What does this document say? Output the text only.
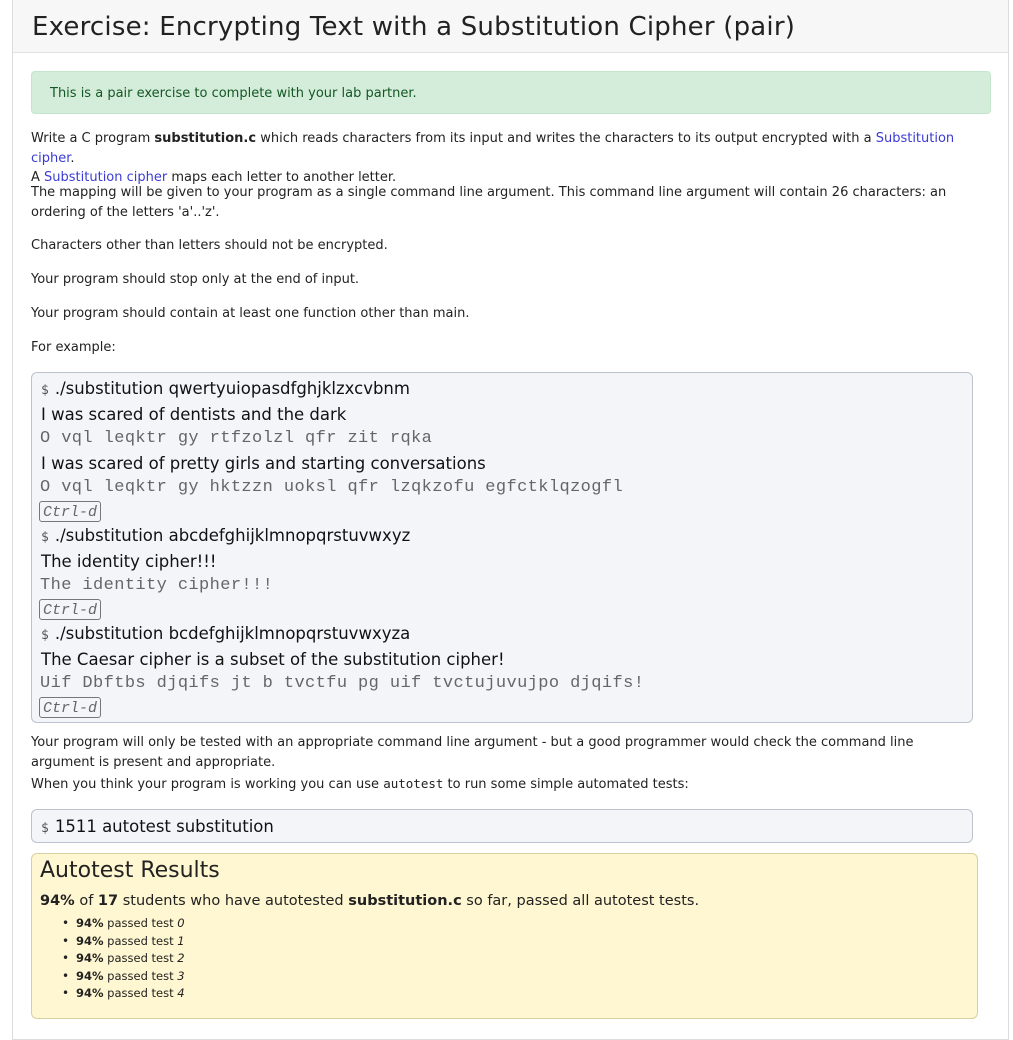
Exercise: Encrypting Text with a Substitution Cipher (pair)
This is a pair exercise to complete with your lab partner.

Write a C program substitution.c which reads characters from its input and writes the characters to its output encrypted with a Substitution cipher.
A Substitution cipher maps each letter to another letter.

The mapping will be given to your program as a single command line argument. This command line argument will contain 26 characters: an ordering of the letters 'a'..'z'.

Characters other than letters should not be encrypted.

Your program should stop only at the end of input.

Your program should contain at least one function other than main.

For example:

$ ./substitution qwertyuiopasdfghjklzxcvbnm
I was scared of dentists and the dark
O vql leqktr gy rtfzolzl qfr zit rqka
I was scared of pretty girls and starting conversations
O vql leqktr gy hktzzn uoksl qfr lzqkzofu egfctklqzogfl
Ctrl-d
$ ./substitution abcdefghijklmnopqrstuvwxyz
The identity cipher!!!
The identity cipher!!!
Ctrl-d
$ ./substitution bcdefghijklmnopqrstuvwxyza
The Caesar cipher is a subset of the substitution cipher!
Uif Dbftbs djqifs jt b tvctfu pg uif tvctujuvujpo djqifs!
Ctrl-d

Your program will only be tested with an appropriate command line argument - but a good programmer would check the command line argument is present and appropriate.

When you think your program is working you can use autotest to run some simple automated tests:

$ 1511 autotest substitution
Autotest Results

94% of 17 students who have autotested substitution.c so far, passed all autotest tests.

• 94% passed test 0
• 94% passed test 1
• 94% passed test 2
• 94% passed test 3
• 94% passed test 4
